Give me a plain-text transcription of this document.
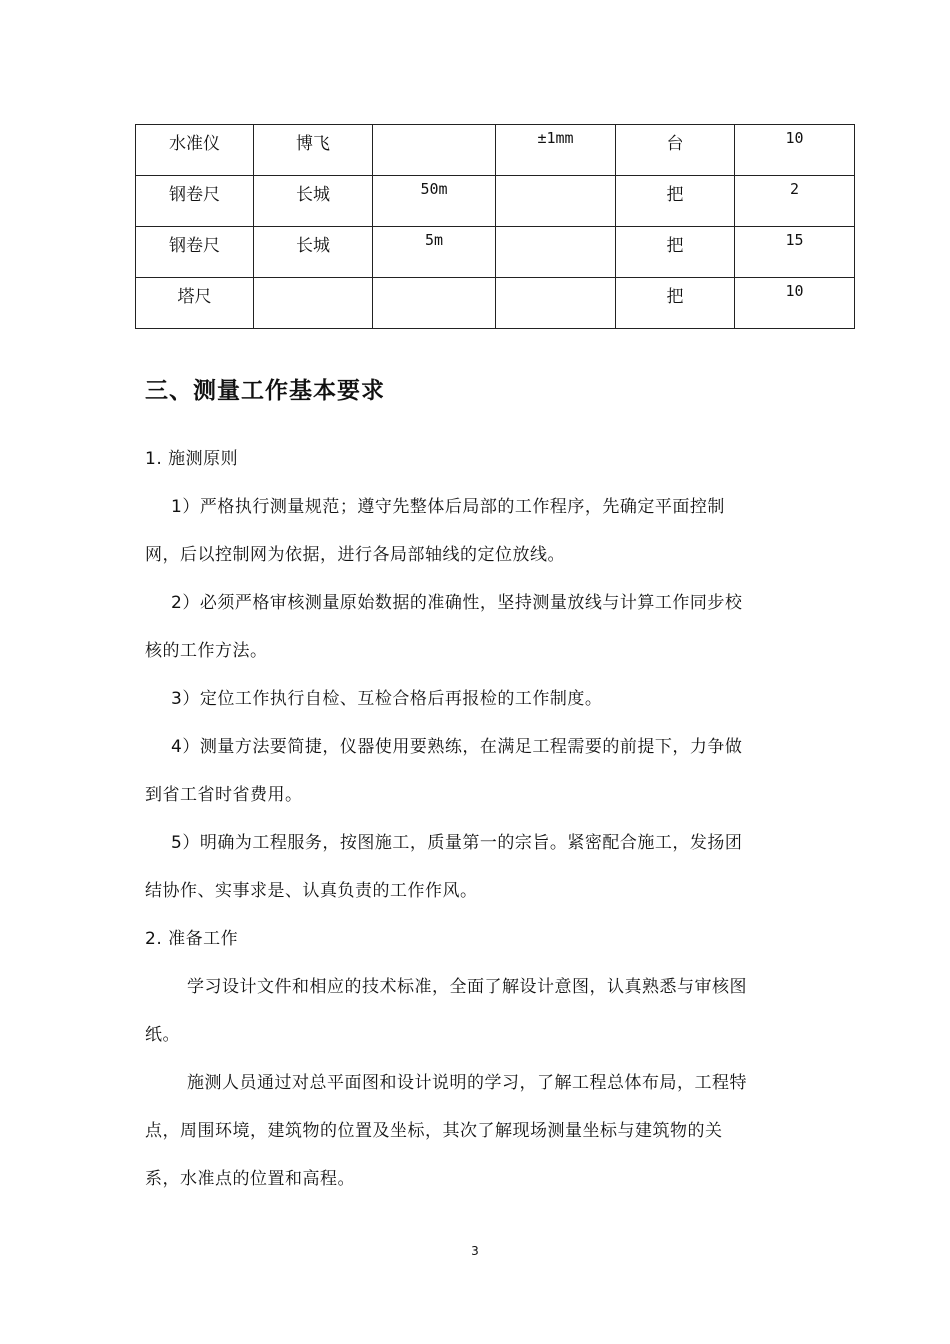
水准仪	博飞		±1mm	台	10
钢卷尺	长城	50m		把	2
钢卷尺	长城	5m		把	15
塔尺				把	10
三、测量工作基本要求
1. 施测原则
1）严格执行测量规范；遵守先整体后局部的工作程序，先确定平面控制
网，后以控制网为依据，进行各局部轴线的定位放线。
2）必须严格审核测量原始数据的准确性，坚持测量放线与计算工作同步校
核的工作方法。
3）定位工作执行自检、互检合格后再报检的工作制度。
4）测量方法要简捷，仪器使用要熟练，在满足工程需要的前提下，力争做
到省工省时省费用。
5）明确为工程服务，按图施工，质量第一的宗旨。紧密配合施工，发扬团
结协作、实事求是、认真负责的工作作风。
2. 准备工作
学习设计文件和相应的技术标准，全面了解设计意图，认真熟悉与审核图
纸。
施测人员通过对总平面图和设计说明的学习，了解工程总体布局，工程特
点，周围环境，建筑物的位置及坐标，其次了解现场测量坐标与建筑物的关
系，水准点的位置和高程。
3
